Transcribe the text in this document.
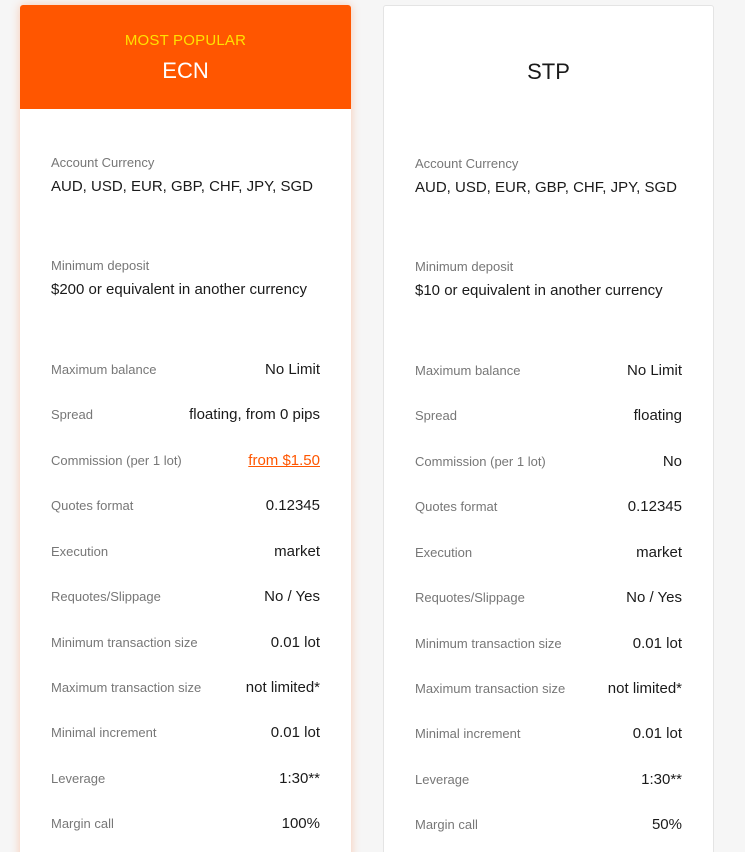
MOST POPULAR
ECN
Account Currency
AUD, USD, EUR, GBP, CHF, JPY, SGD
Minimum deposit
$200 or equivalent in another currency
Maximum balance	No Limit
Spread	floating, from 0 pips
Commission (per 1 lot)	from $1.50
Quotes format	0.12345
Execution	market
Requotes/Slippage	No / Yes
Minimum transaction size	0.01 lot
Maximum transaction size	not limited*
Minimal increment	0.01 lot
Leverage	1:30**
Margin call	100%
STP
Account Currency
AUD, USD, EUR, GBP, CHF, JPY, SGD
Minimum deposit
$10 or equivalent in another currency
Maximum balance	No Limit
Spread	floating
Commission (per 1 lot)	No
Quotes format	0.12345
Execution	market
Requotes/Slippage	No / Yes
Minimum transaction size	0.01 lot
Maximum transaction size	not limited*
Minimal increment	0.01 lot
Leverage	1:30**
Margin call	50%
